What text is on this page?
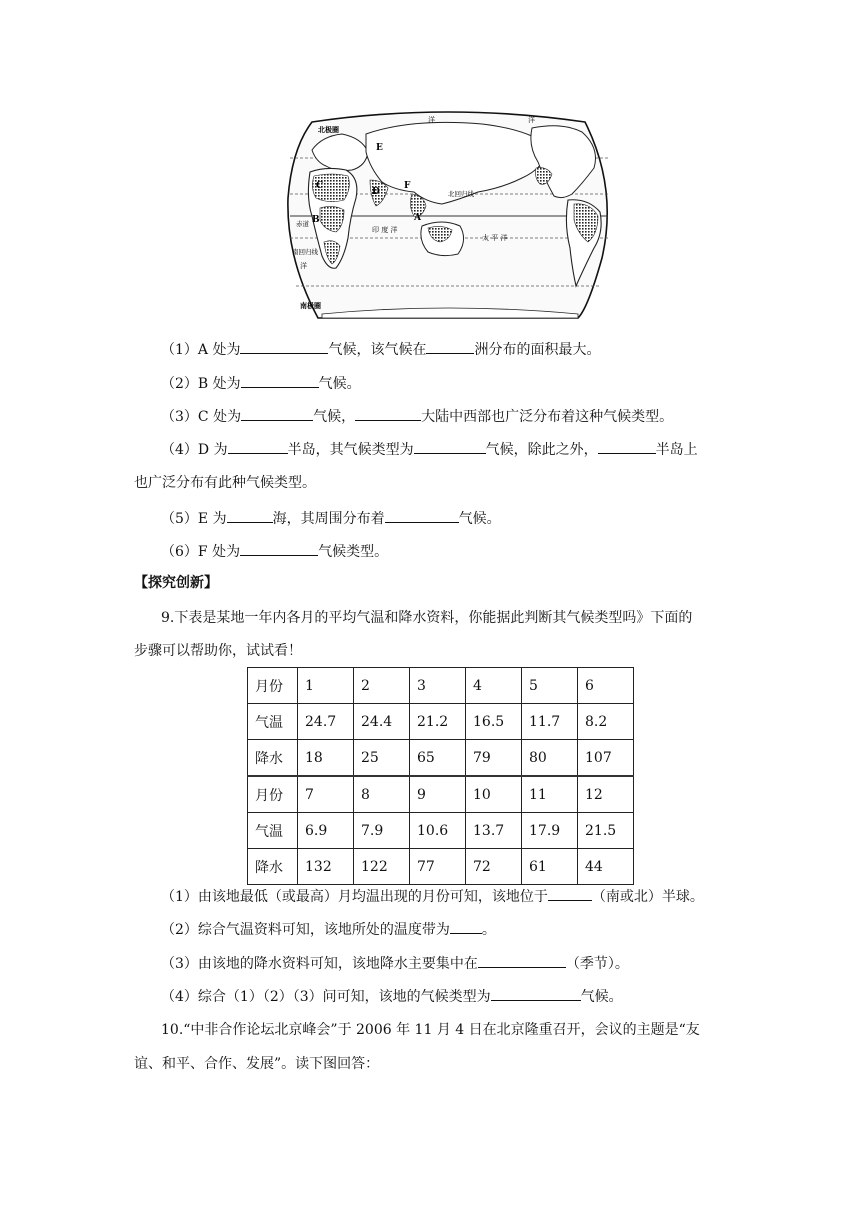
北极圈
洋	洋
C
D
E
F
A
B
北回归线
赤道
印 度 洋
太 平 洋
南回归线
洋
南极圈
（1）A 处为	气候，该气候在	洲分布的面积最大。
（2）B 处为	气候。
（3）C 处为	气候，	大陆中西部也广泛分布着这种气候类型。
（4）D 为	半岛，其气候类型为	气候，除此之外，	半岛上
也广泛分布有此种气候类型。
（5）E 为	海，其周围分布着	气候。
（6）F 处为	气候类型。
【探究创新】
9.下表是某地一年内各月的平均气温和降水资料，你能据此判断其气候类型吗》下面的
步骤可以帮助你，试试看！
月份	1	2	3	4	5	6
气温	24.7	24.4	21.2	16.5	11.7	8.2
降水	18	25	65	79	80	107
月份	7	8	9	10	11	12
气温	6.9	7.9	10.6	13.7	17.9	21.5
降水	132	122	77	72	61	44
（1）由该地最低（或最高）月均温出现的月份可知，该地位于	（南或北）半球。
（2）综合气温资料可知，该地所处的温度带为 。
（3）由该地的降水资料可知，该地降水主要集中在	（季节）。
（4）综合（1）（2）（3）问可知，该地的气候类型为	气候。
10.“中非合作论坛北京峰会”于 2006 年 11 月 4 日在北京隆重召开，会议的主题是“友
谊、和平、合作、发展”。读下图回答：
